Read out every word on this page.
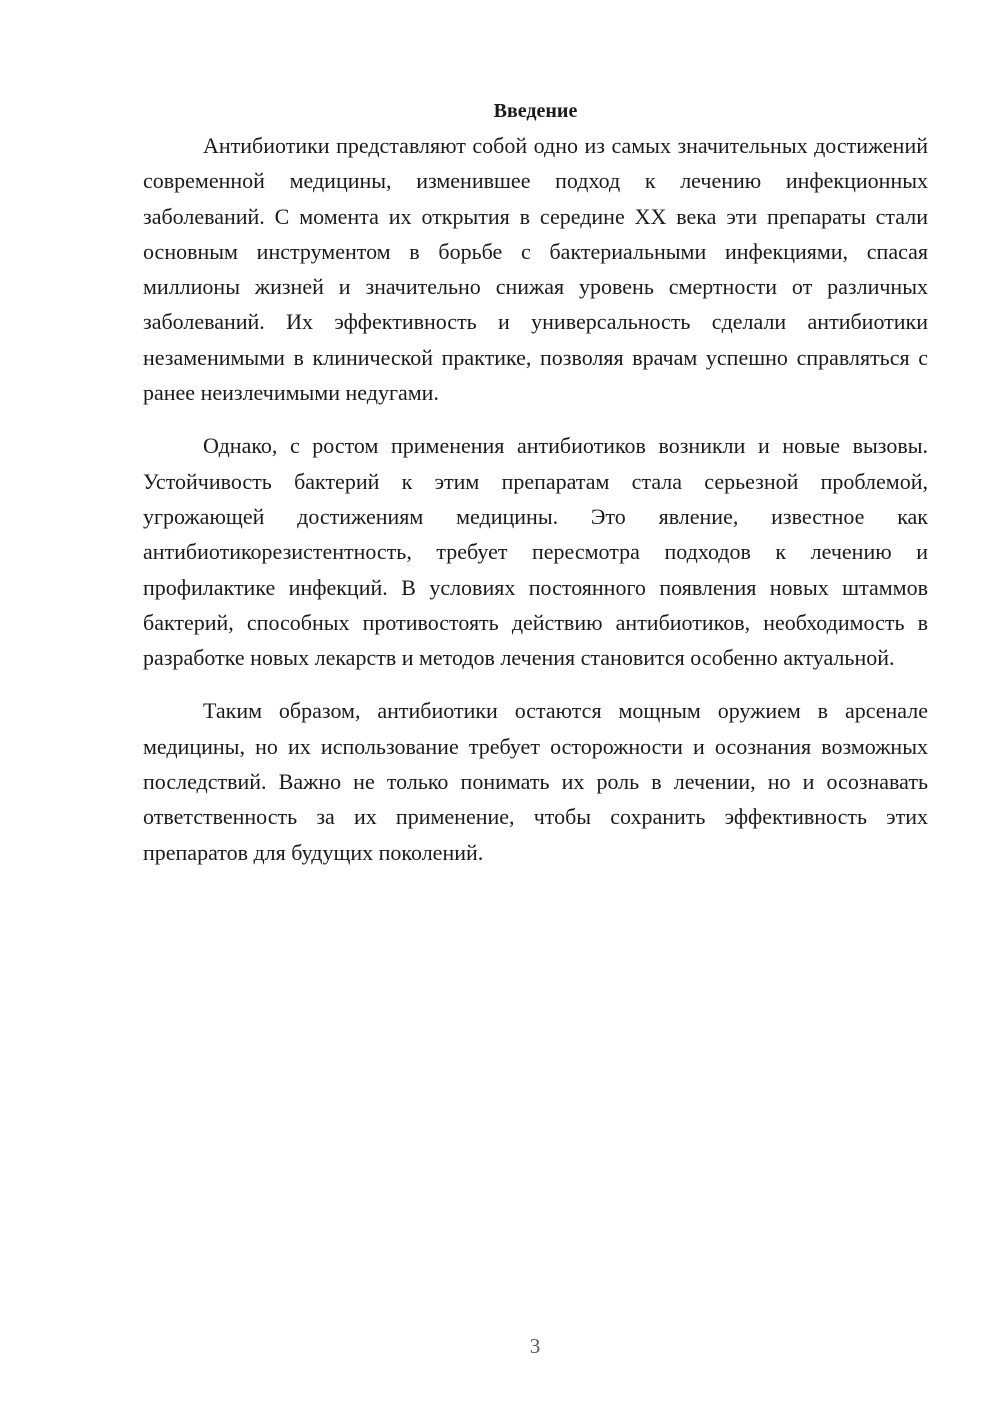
Введение

Антибиотики представляют собой одно из самых значительных достижений современной медицины, изменившее подход к лечению инфекционных заболеваний. С момента их открытия в середине XX века эти препараты стали основным инструментом в борьбе с бактериальными инфекциями, спасая миллионы жизней и значительно снижая уровень смертности от различных заболеваний. Их эффективность и универсальность сделали антибиотики незаменимыми в клинической практике, позволяя врачам успешно справляться с ранее неизлечимыми недугами.

Однако, с ростом применения антибиотиков возникли и новые вызовы. Устойчивость бактерий к этим препаратам стала серьезной проблемой, угрожающей достижениям медицины. Это явление, известное как антибиотикорезистентность, требует пересмотра подходов к лечению и профилактике инфекций. В условиях постоянного появления новых штаммов бактерий, способных противостоять действию антибиотиков, необходимость в разработке новых лекарств и методов лечения становится особенно актуальной.

Таким образом, антибиотики остаются мощным оружием в арсенале медицины, но их использование требует осторожности и осознания возможных последствий. Важно не только понимать их роль в лечении, но и осознавать ответственность за их применение, чтобы сохранить эффективность этих препаратов для будущих поколений.

3
